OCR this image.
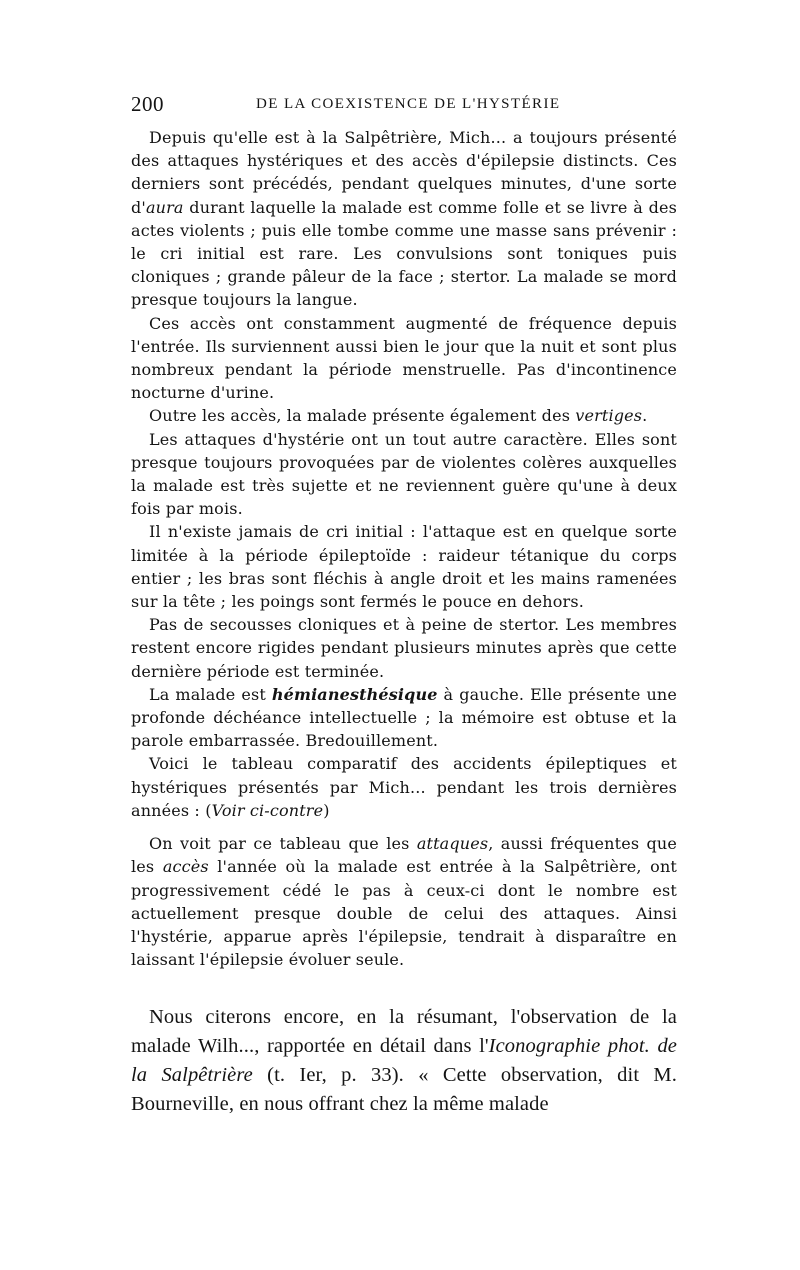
200	DE LA COEXISTENCE DE L'HYSTÉRIE

Depuis qu'elle est à la Salpêtrière, Mich... a toujours présenté des attaques hystériques et des accès d'épilepsie distincts. Ces derniers sont précédés, pendant quelques minutes, d'une sorte d'aura durant laquelle la malade est comme folle et se livre à des actes violents ; puis elle tombe comme une masse sans prévenir : le cri initial est rare. Les convulsions sont toniques puis cloniques ; grande pâleur de la face ; stertor. La malade se mord presque toujours la langue.

Ces accès ont constamment augmenté de fréquence depuis l'entrée. Ils surviennent aussi bien le jour que la nuit et sont plus nombreux pendant la période menstruelle. Pas d'incontinence nocturne d'urine.

Outre les accès, la malade présente également des vertiges.

Les attaques d'hystérie ont un tout autre caractère. Elles sont presque toujours provoquées par de violentes colères auxquelles la malade est très sujette et ne reviennent guère qu'une à deux fois par mois.

Il n'existe jamais de cri initial : l'attaque est en quelque sorte limitée à la période épileptoïde : raideur tétanique du corps entier ; les bras sont fléchis à angle droit et les mains ramenées sur la tête ; les poings sont fermés le pouce en dehors.

Pas de secousses cloniques et à peine de stertor. Les membres restent encore rigides pendant plusieurs minutes après que cette dernière période est terminée.

La malade est hémianesthésique à gauche. Elle présente une profonde déchéance intellectuelle ; la mémoire est obtuse et la parole embarrassée. Bredouillement.

Voici le tableau comparatif des accidents épileptiques et hystériques présentés par Mich... pendant les trois dernières années : (Voir ci-contre)

On voit par ce tableau que les attaques, aussi fréquentes que les accès l'année où la malade est entrée à la Salpêtrière, ont progressivement cédé le pas à ceux-ci dont le nombre est actuellement presque double de celui des attaques. Ainsi l'hystérie, apparue après l'épilepsie, tendrait à disparaître en laissant l'épilepsie évoluer seule.

Nous citerons encore, en la résumant, l'observation de la malade Wilh..., rapportée en détail dans l'Iconographie phot. de la Salpêtrière (t. Ier, p. 33). « Cette observation, dit M. Bourneville, en nous offrant chez la même malade
